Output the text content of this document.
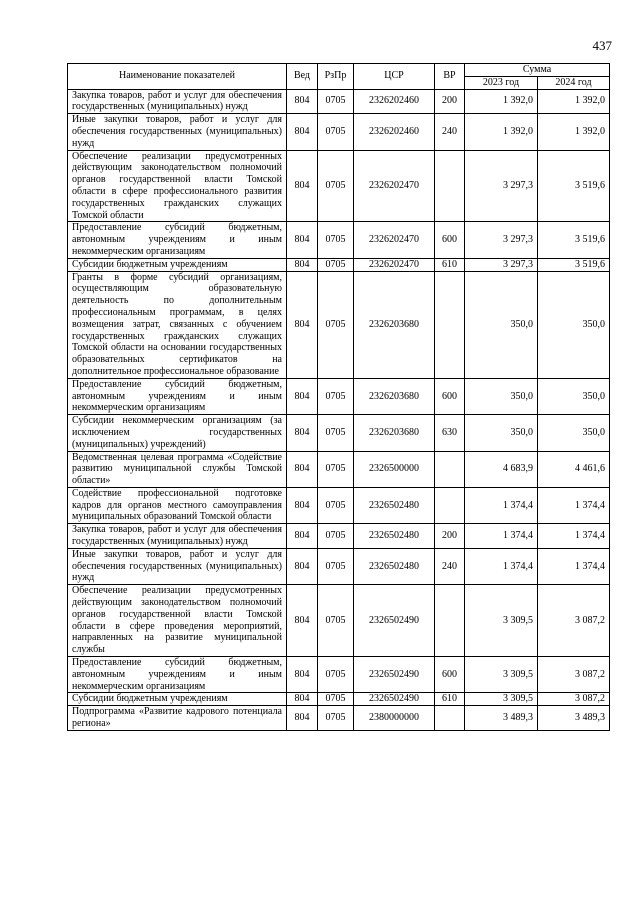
437
Наименование показателей	Вед	РзПр	ЦСР	ВР	Сумма	
					2023 год	2024 год
Закупка товаров, работ и услуг для обеспечения государственных (муниципальных) нужд	804	0705	2326202460	200	1 392,0	1 392,0
Иные закупки товаров, работ и услуг для обеспечения государственных (муниципальных) нужд	804	0705	2326202460	240	1 392,0	1 392,0
Обеспечение реализации предусмотренных действующим законодательством полномочий органов государственной власти Томской области в сфере профессионального развития государственных гражданских служащих Томской области	804	0705	2326202470		3 297,3	3 519,6
Предоставление субсидий бюджетным, автономным учреждениям и иным некоммерческим организациям	804	0705	2326202470	600	3 297,3	3 519,6
Субсидии бюджетным учреждениям	804	0705	2326202470	610	3 297,3	3 519,6
Гранты в форме субсидий организациям, осуществляющим образовательную деятельность по дополнительным профессиональным программам, в целях возмещения затрат, связанных с обучением государственных гражданских служащих Томской области на основании государственных образовательных сертификатов на дополнительное профессиональное образование	804	0705	2326203680		350,0	350,0
Предоставление субсидий бюджетным, автономным учреждениям и иным некоммерческим организациям	804	0705	2326203680	600	350,0	350,0
Субсидии некоммерческим организациям (за исключением государственных (муниципальных) учреждений)	804	0705	2326203680	630	350,0	350,0
Ведомственная целевая программа «Содействие развитию муниципальной службы Томской области»	804	0705	2326500000		4 683,9	4 461,6
Содействие профессиональной подготовке кадров для органов местного самоуправления муниципальных образований Томской области	804	0705	2326502480		1 374,4	1 374,4
Закупка товаров, работ и услуг для обеспечения государственных (муниципальных) нужд	804	0705	2326502480	200	1 374,4	1 374,4
Иные закупки товаров, работ и услуг для обеспечения государственных (муниципальных) нужд	804	0705	2326502480	240	1 374,4	1 374,4
Обеспечение реализации предусмотренных действующим законодательством полномочий органов государственной власти Томской области в сфере проведения мероприятий, направленных на развитие муниципальной службы	804	0705	2326502490		3 309,5	3 087,2
Предоставление субсидий бюджетным, автономным учреждениям и иным некоммерческим организациям	804	0705	2326502490	600	3 309,5	3 087,2
Субсидии бюджетным учреждениям	804	0705	2326502490	610	3 309,5	3 087,2
Подпрограмма «Развитие кадрового потенциала региона»	804	0705	2380000000		3 489,3	3 489,3
